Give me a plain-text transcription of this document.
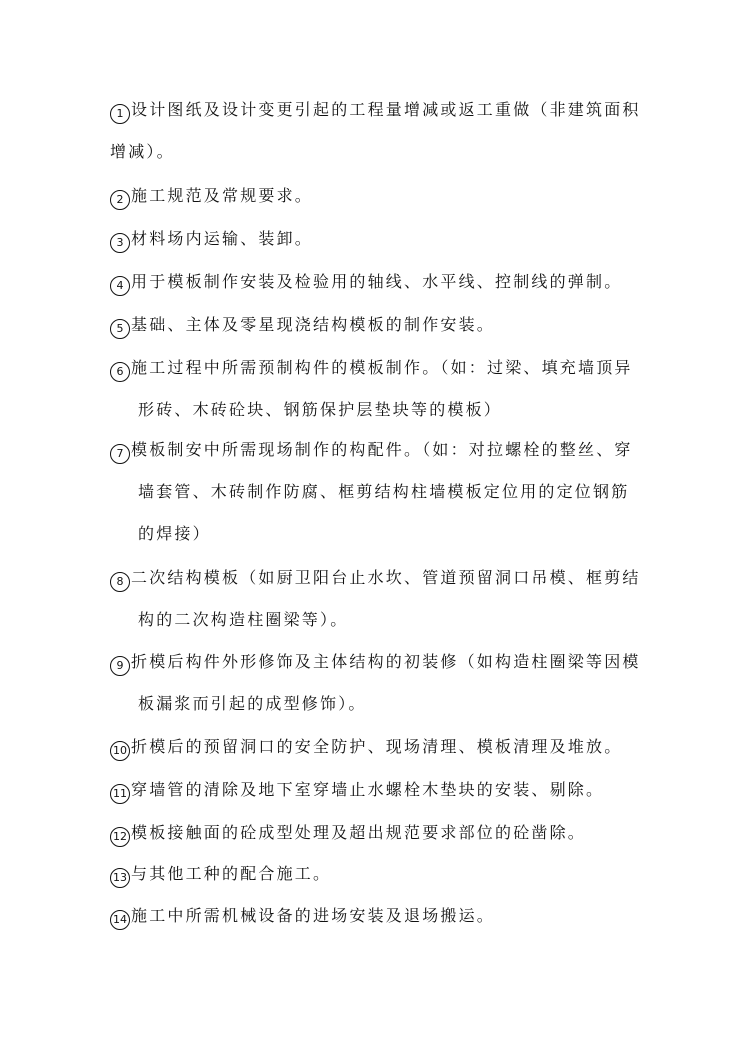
1 设计图纸及设计变更引起的工程量增减或返工重做（非建筑面积
增减）。
2 施工规范及常规要求。
3 材料场内运输、装卸。
4 用于模板制作安装及检验用的轴线、水平线、控制线的弹制。
5 基础、主体及零星现浇结构模板的制作安装。
6 施工过程中所需预制构件的模板制作。（如：过梁、填充墙顶异
形砖、木砖砼块、钢筋保护层垫块等的模板）
7 模板制安中所需现场制作的构配件。（如：对拉螺栓的整丝、穿
墙套管、木砖制作防腐、框剪结构柱墙模板定位用的定位钢筋
的焊接）
8 二次结构模板（如厨卫阳台止水坎、管道预留洞口吊模、框剪结
构的二次构造柱圈梁等）。
9 折模后构件外形修饰及主体结构的初装修（如构造柱圈梁等因模
板漏浆而引起的成型修饰）。
10 折模后的预留洞口的安全防护、现场清理、模板清理及堆放。
11 穿墙管的清除及地下室穿墙止水螺栓木垫块的安装、剔除。
12 模板接触面的砼成型处理及超出规范要求部位的砼凿除。
13 与其他工种的配合施工。
14 施工中所需机械设备的进场安装及退场搬运。
